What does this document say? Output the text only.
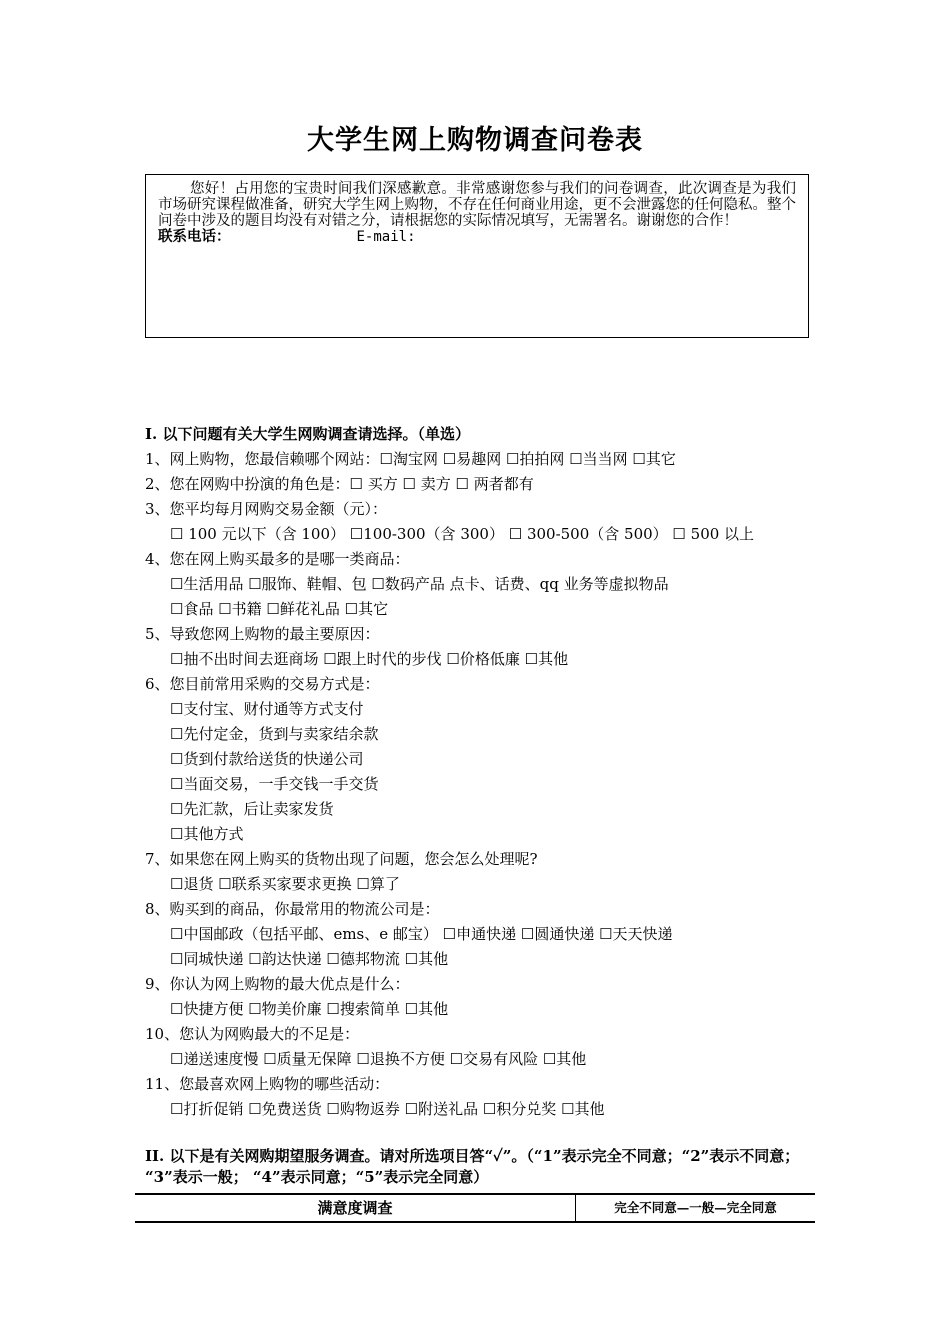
大学生网上购物调查问卷表

您好！占用您的宝贵时间我们深感歉意。非常感谢您参与我们的问卷调查，此次调查是为我们市场研究课程做准备，研究大学生网上购物，不存在任何商业用途，更不会泄露您的任何隐私。整个问卷中涉及的题目均没有对错之分，请根据您的实际情况填写，无需署名。谢谢您的合作！

联系电话：	E-mail:

I. 以下问题有关大学生网购调查请选择。（单选）
1、网上购物，您最信赖哪个网站：☐淘宝网 ☐易趣网 ☐拍拍网 ☐当当网 ☐其它
2、您在网购中扮演的角色是：☐ 买方 ☐ 卖方 ☐ 两者都有
3、您平均每月网购交易金额（元）：
☐ 100 元以下（含 100） ☐100-300（含 300） ☐ 300-500（含 500） ☐ 500 以上
4、您在网上购买最多的是哪一类商品：
☐生活用品 ☐服饰、鞋帽、包 ☐数码产品 点卡、话费、qq 业务等虚拟物品
☐食品 ☐书籍 ☐鲜花礼品 ☐其它
5、导致您网上购物的最主要原因：
☐抽不出时间去逛商场 ☐跟上时代的步伐 ☐价格低廉 ☐其他
6、您目前常用采购的交易方式是：
☐支付宝、财付通等方式支付
☐先付定金，货到与卖家结余款
☐货到付款给送货的快递公司
☐当面交易，一手交钱一手交货
☐先汇款，后让卖家发货
☐其他方式
7、如果您在网上购买的货物出现了问题，您会怎么处理呢?
☐退货 ☐联系买家要求更换 ☐算了
8、购买到的商品，你最常用的物流公司是：
☐中国邮政（包括平邮、ems、e 邮宝） ☐申通快递 ☐圆通快递 ☐天天快递
☐同城快递 ☐韵达快递 ☐德邦物流 ☐其他
9、你认为网上购物的最大优点是什么：
☐快捷方便 ☐物美价廉 ☐搜索简单 ☐其他
10、您认为网购最大的不足是：
☐递送速度慢 ☐质量无保障 ☐退换不方便 ☐交易有风险 ☐其他
11、您最喜欢网上购物的哪些活动：
☐打折促销 ☐免费送货 ☐购物返券 ☐附送礼品 ☐积分兑奖 ☐其他
II. 以下是有关网购期望服务调查。请对所选项目答“✓”。（“1”表示完全不同意；“2”表示不同意； “3”表示一般； “4”表示同意；“5”表示完全同意）
满意度调查	完全不同意—一般—完全同意
